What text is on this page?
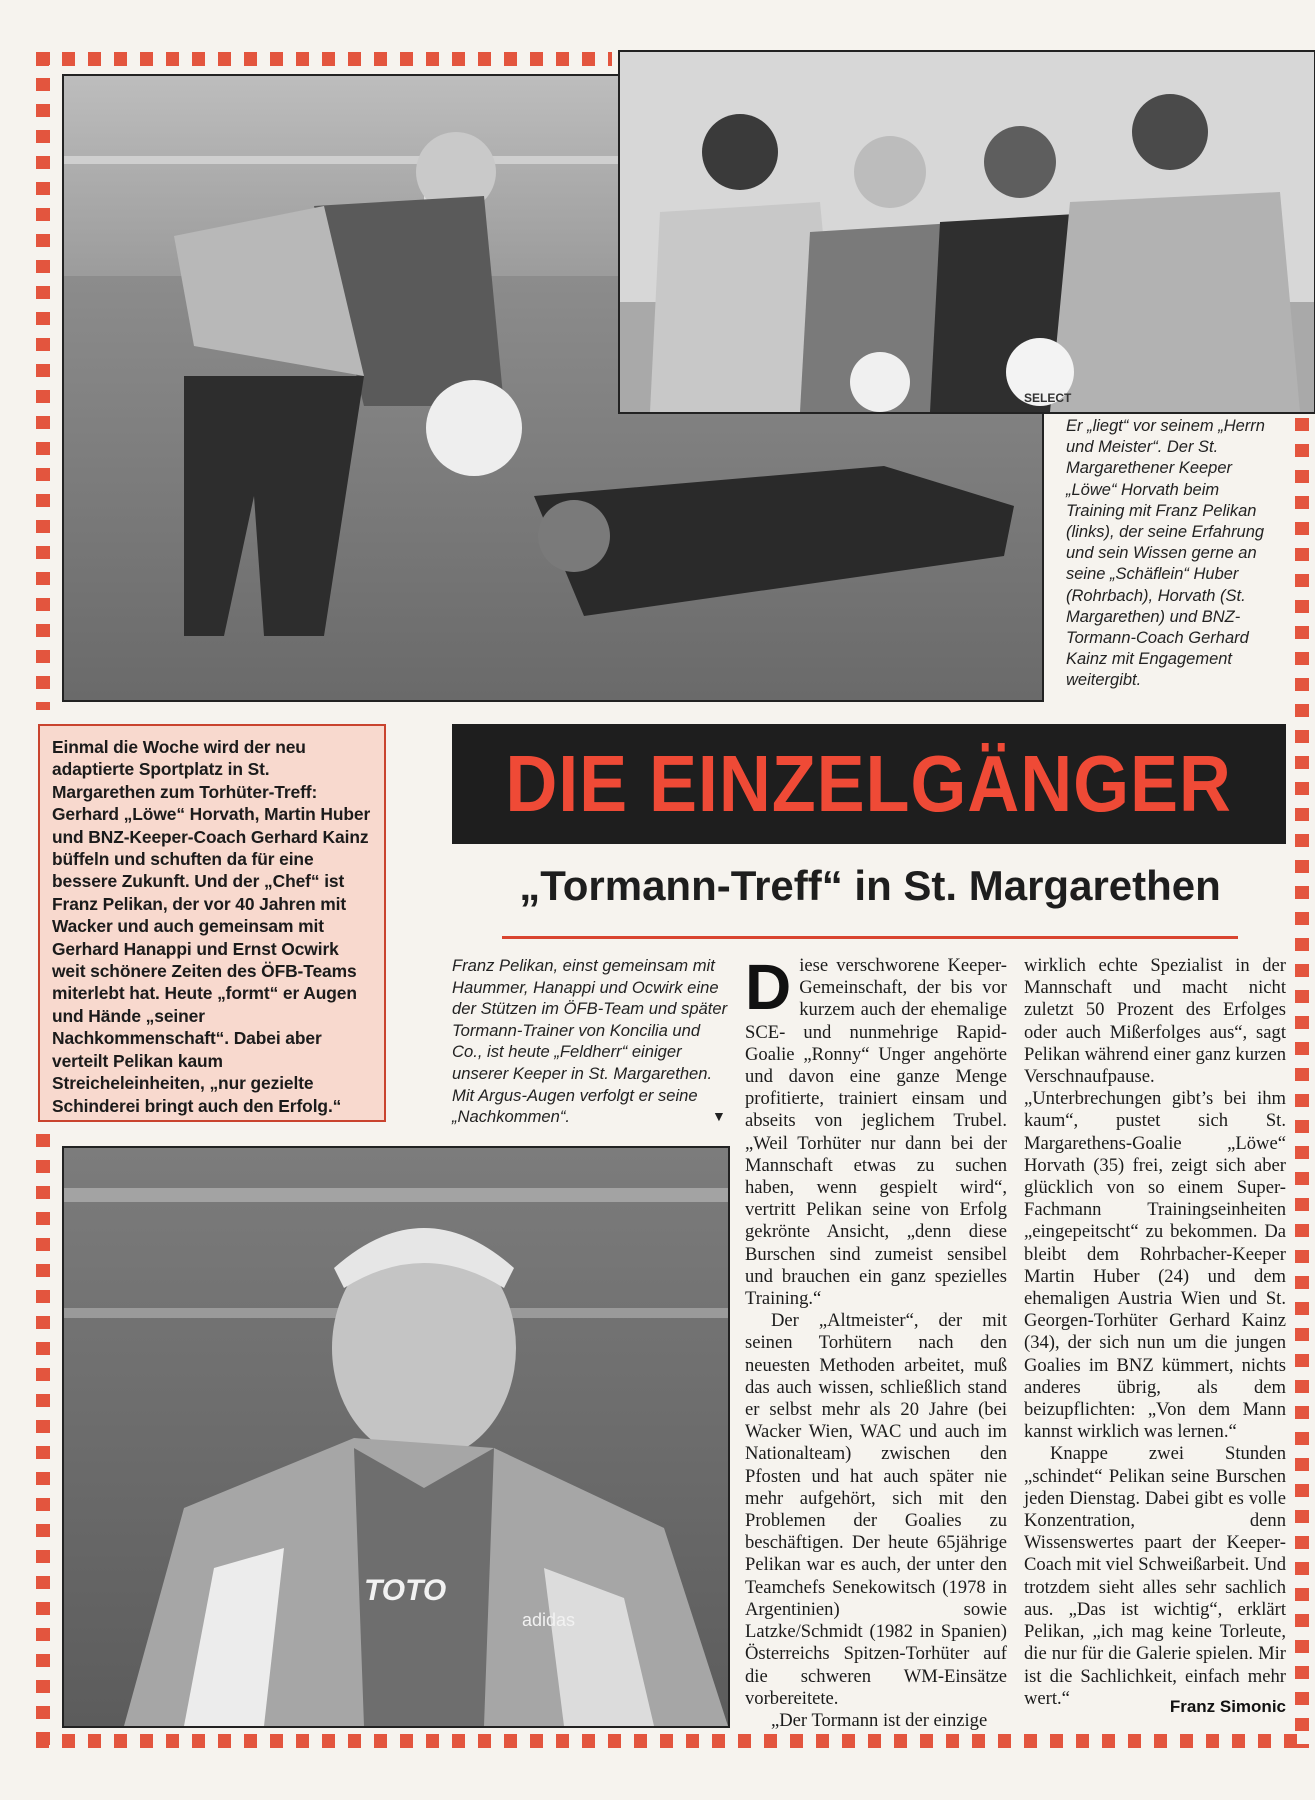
SELECT

Er „liegt“ vor seinem „Herrn und Meister“. Der St. Margarethener Keeper „Löwe“ Horvath beim Training mit Franz Pelikan (links), der seine Erfahrung und sein Wissen gerne an seine „Schäflein“ Huber (Rohrbach), Horvath (St. Margarethen) und BNZ-Tormann-Coach Gerhard Kainz mit Engagement weitergibt.

Einmal die Woche wird der neu adaptierte Sportplatz in St. Margarethen zum Torhüter-Treff: Gerhard „Löwe“ Horvath, Martin Huber und BNZ-Keeper-Coach Gerhard Kainz büffeln und schuften da für eine bessere Zukunft. Und der „Chef“ ist Franz Pelikan, der vor 40 Jahren mit Wacker und auch gemeinsam mit Gerhard Hanappi und Ernst Ocwirk weit schönere Zeiten des ÖFB-Teams miterlebt hat. Heute „formt“ er Augen und Hände „seiner Nachkommenschaft“. Dabei aber verteilt Pelikan kaum Streicheleinheiten, „nur gezielte Schinderei bringt auch den Erfolg.“

DIE EINZELGÄNGER
„Tormann-Treff“ in St. Margarethen

Franz Pelikan, einst gemeinsam mit Haummer, Hanappi und Ocwirk eine der Stützen im ÖFB-Team und später Tormann-Trainer von Koncilia und Co., ist heute „Feldherr“ einiger unserer Keeper in St. Margarethen. Mit Argus-Augen verfolgt er seine „Nachkommen“.	▼
TOTO
adidas

Diese verschworene Keeper-Gemeinschaft, der bis vor kurzem auch der ehemalige SCE- und nunmehrige Rapid-Goalie „Ronny“ Unger angehörte und davon eine ganze Menge profitierte, trainiert einsam und abseits von jeglichem Trubel. „Weil Torhüter nur dann bei der Mannschaft etwas zu suchen haben, wenn gespielt wird“, vertritt Pelikan seine von Erfolg gekrönte Ansicht, „denn diese Burschen sind zumeist sensibel und brauchen ein ganz spezielles Training.“

Der „Altmeister“, der mit seinen Torhütern nach den neuesten Methoden arbeitet, muß das auch wissen, schließlich stand er selbst mehr als 20 Jahre (bei Wacker Wien, WAC und auch im Nationalteam) zwischen den Pfosten und hat auch später nie mehr aufgehört, sich mit den Problemen der Goalies zu beschäftigen. Der heute 65jährige Pelikan war es auch, der unter den Teamchefs Senekowitsch (1978 in Argentinien) sowie Latzke/Schmidt (1982 in Spanien) Österreichs Spitzen-Torhüter auf die schweren WM-Einsätze vorbereitete.

„Der Tormann ist der einzige

wirklich echte Spezialist in der Mannschaft und macht nicht zuletzt 50 Prozent des Erfolges oder auch Mißerfolges aus“, sagt Pelikan während einer ganz kurzen Verschnaufpause. „Unterbrechungen gibt’s bei ihm kaum“, pustet sich St. Margarethens-Goalie „Löwe“ Horvath (35) frei, zeigt sich aber glücklich von so einem Super-Fachmann Trainingseinheiten „eingepeitscht“ zu bekommen. Da bleibt dem Rohrbacher-Keeper Martin Huber (24) und dem ehemaligen Austria Wien und St. Georgen-Torhüter Gerhard Kainz (34), der sich nun um die jungen Goalies im BNZ kümmert, nichts anderes übrig, als dem beizupflichten: „Von dem Mann kannst wirklich was lernen.“

Knappe zwei Stunden „schindet“ Pelikan seine Burschen jeden Dienstag. Dabei gibt es volle Konzentration, denn Wissenswertes paart der Keeper-Coach mit viel Schweißarbeit. Und trotzdem sieht alles sehr sachlich aus. „Das ist wichtig“, erklärt Pelikan, „ich mag keine Torleute, die nur für die Galerie spielen. Mir ist die Sachlichkeit, einfach mehr wert.“	Franz Simonic
